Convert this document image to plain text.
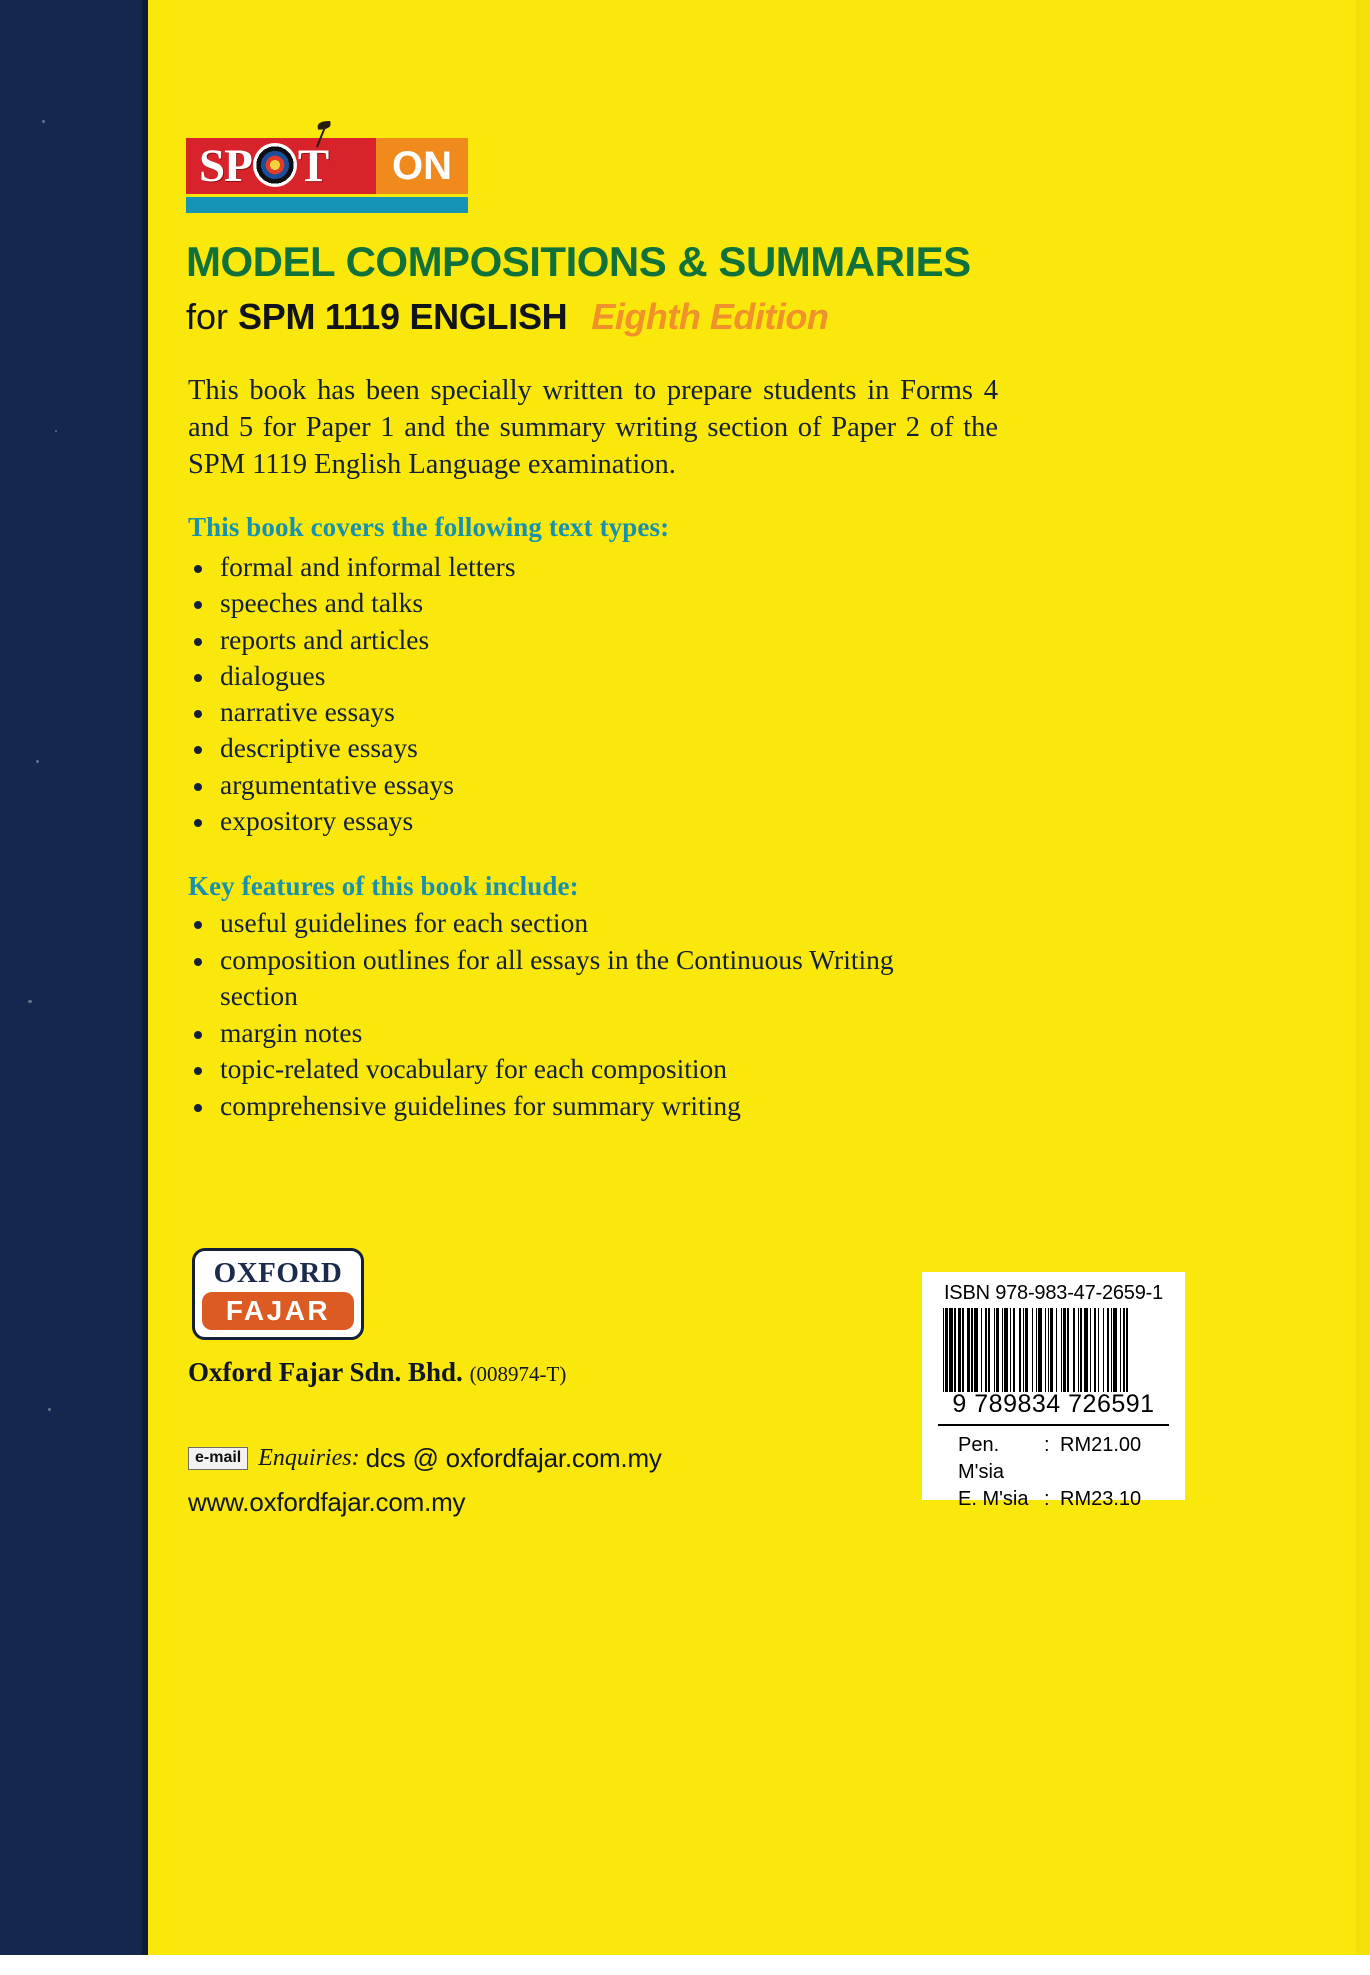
SP T ON
MODEL COMPOSITIONS & SUMMARIES
for SPM 1119 ENGLISH Eighth Edition
This book has been specially written to prepare students in Forms 4 and 5 for Paper 1 and the summary writing section of Paper 2 of the SPM 1119 English Language examination.
This book covers the following text types:
formal and informal letters
speeches and talks
reports and articles
dialogues
narrative essays
descriptive essays
argumentative essays
expository essays
Key features of this book include:
useful guidelines for each section
composition outlines for all essays in the Continuous Writing section
margin notes
topic-related vocabulary for each composition
comprehensive guidelines for summary writing
OXFORD
FAJAR
Oxford Fajar Sdn. Bhd. (008974-T)
e-mail Enquiries: dcs @ oxfordfajar.com.my
www.oxfordfajar.com.my
ISBN 978-983-47-2659-1
9 789834 726591
Pen. M'sia
: RM21.00
E. M'sia : RM23.10
